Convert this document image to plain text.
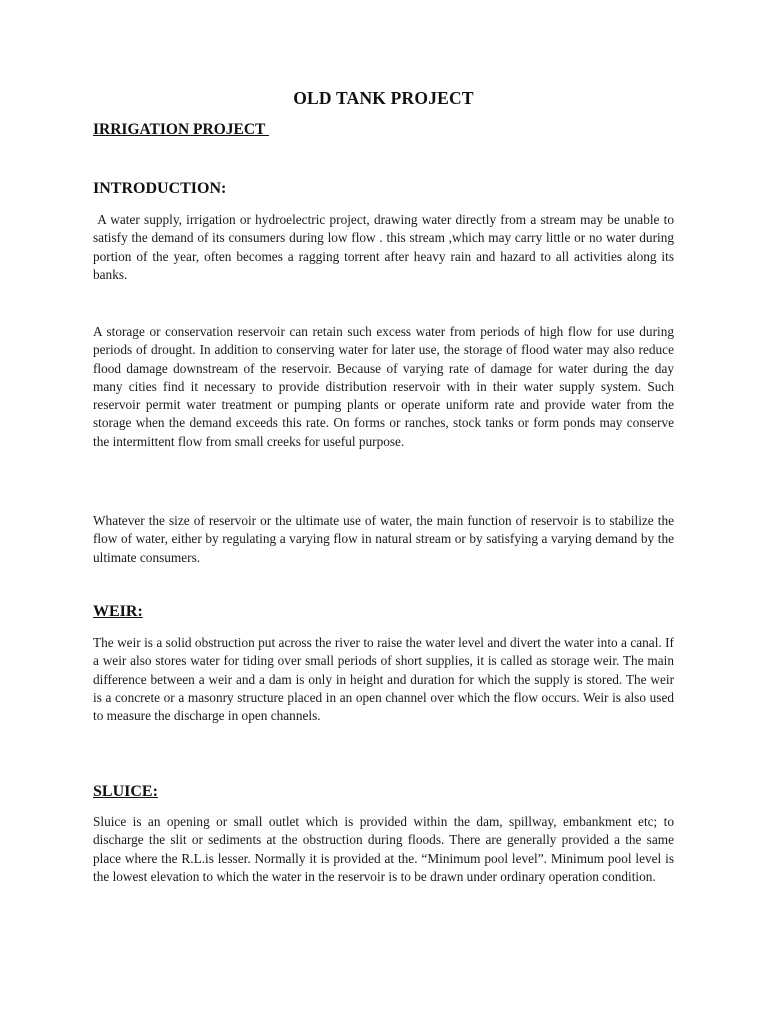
OLD TANK PROJECT
IRRIGATION PROJECT
INTRODUCTION:

A water supply, irrigation or hydroelectric project, drawing water directly from a stream may be unable to satisfy the demand of its consumers during low flow . this stream ,which may carry little or no water during portion of the year, often becomes a ragging torrent after heavy rain and hazard to all activities along its banks.

A storage or conservation reservoir can retain such excess water from periods of high flow for use during periods of drought. In addition to conserving water for later use, the storage of flood water may also reduce flood damage downstream of the reservoir. Because of varying rate of damage for water during the day many cities find it necessary to provide distribution reservoir with in their water supply system. Such reservoir permit water treatment or pumping plants or operate uniform rate and provide water from the storage when the demand exceeds this rate. On forms or ranches, stock tanks or form ponds may conserve the intermittent flow from small creeks for useful purpose.

Whatever the size of reservoir or the ultimate use of water, the main function of reservoir is to stabilize the flow of water, either by regulating a varying flow in natural stream or by satisfying a varying demand by the ultimate consumers.

WEIR:

The weir is a solid obstruction put across the river to raise the water level and divert the water into a canal. If a weir also stores water for tiding over small periods of short supplies, it is called as storage weir. The main difference between a weir and a dam is only in height and duration for which the supply is stored. The weir is a concrete or a masonry structure placed in an open channel over which the flow occurs. Weir is also used to measure the discharge in open channels.

SLUICE:

Sluice is an opening or small outlet which is provided within the dam, spillway, embankment etc; to discharge the slit or sediments at the obstruction during floods. There are generally provided a the same place where the R.L.is lesser. Normally it is provided at the. “Minimum pool level”. Minimum pool level is the lowest elevation to which the water in the reservoir is to be drawn under ordinary operation condition.
